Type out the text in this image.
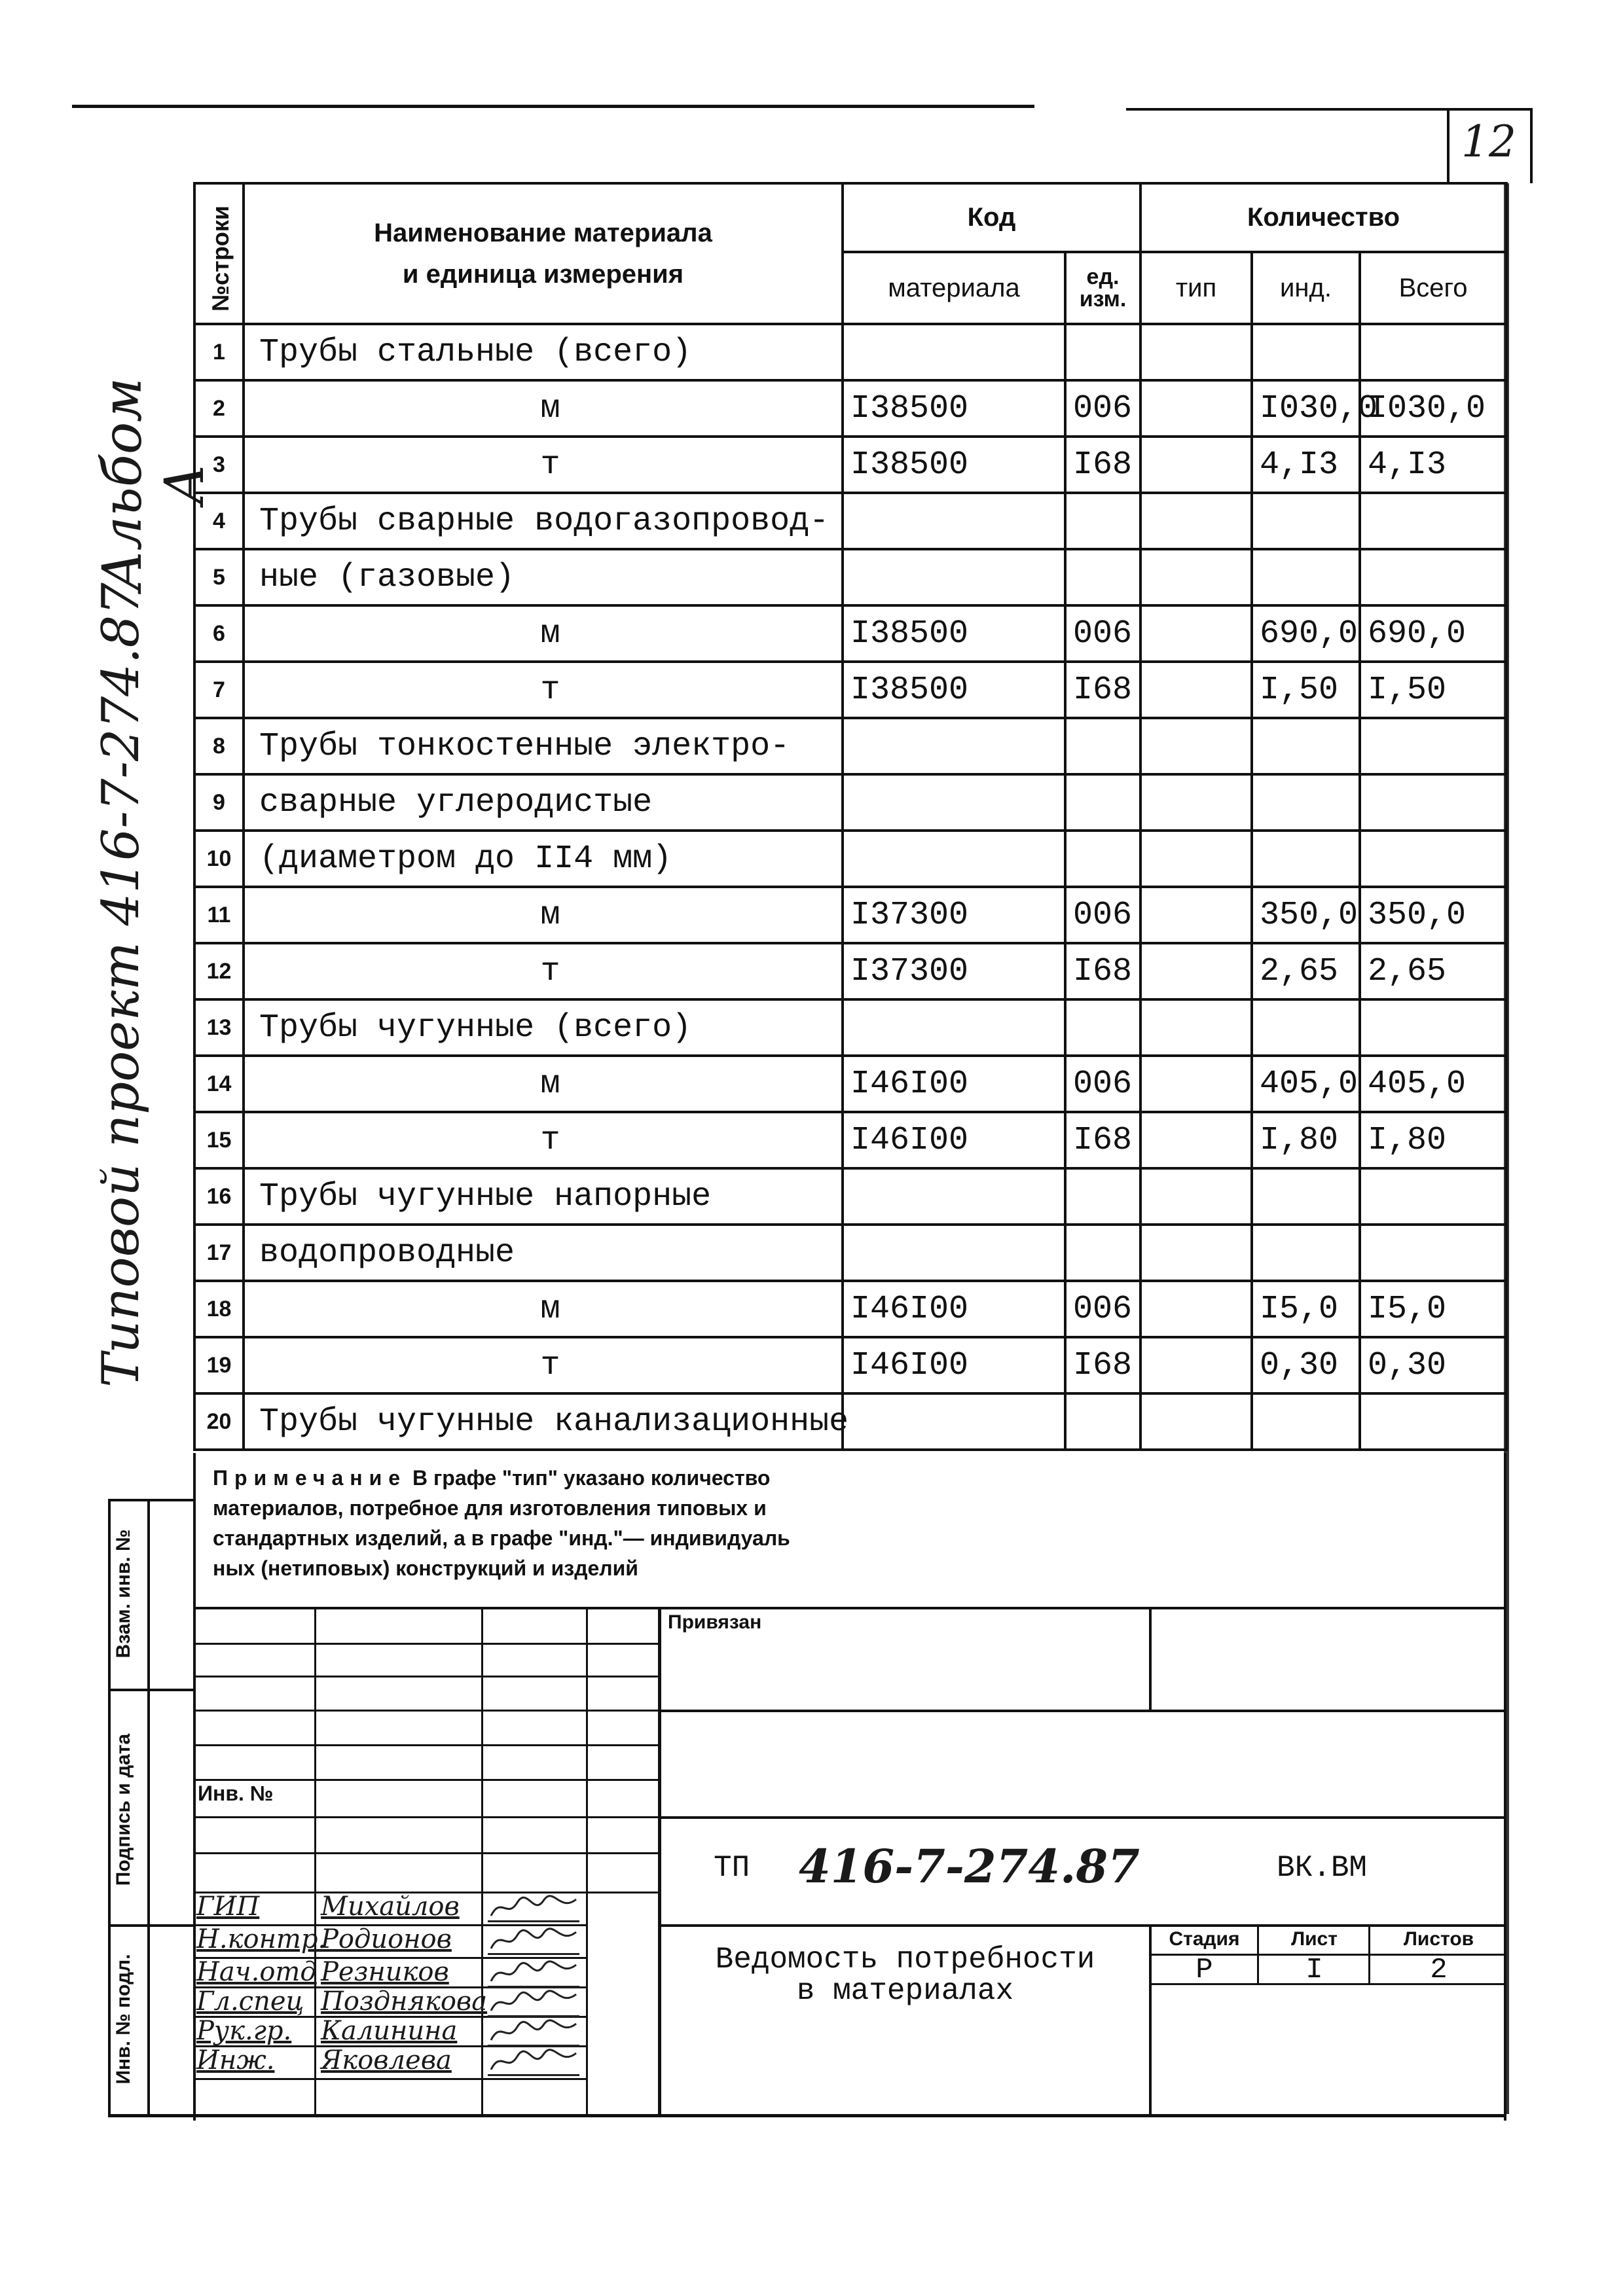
12
Альбом А
Типовой проект 416-7-274.87
№строки	Наименование материала
и единица измерения	Код		Количество		
		материала	ед. изм.	тип	инд.	Всего
1	Трубы стальные (всего)					
2	м	I38500	006		I030,0	I030,0
3	т	I38500	I68		4,I3	4,I3
4	Трубы сварные водогазопровод-					
5	ные (газовые)					
6	м	I38500	006		690,0	690,0
7	т	I38500	I68		I,50	I,50
8	Трубы тонкостенные электро-					
9	сварные углеродистые					
10	(диаметром до II4 мм)					
11	м	I37300	006		350,0	350,0
12	т	I37300	I68		2,65	2,65
13	Трубы чугунные (всего)					
14	м	I46I00	006		405,0	405,0
15	т	I46I00	I68		I,80	I,80
16	Трубы чугунные напорные					
17	водопроводные					
18	м	I46I00	006		I5,0	I5,0
19	т	I46I00	I68		0,30	0,30
20	Трубы чугунные канализационные					
Примечание В графе "тип" указано количество
материалов, потребное для изготовления типовых и
стандартных изделий, а в графе "инд."— индивидуаль
ных (нетиповых) конструкций и изделий
Взам. инв. №
Подпись и дата
Инв. № подл.
Привязан
Инв. №
ТП 416-7-274.87	ВК.ВМ
Ведомость потребности
в материалах
Стадия	Лист	Листов
Р	I	2
ГИП Михайлов
Н.контр.
Родионов
Нач.отд Резников
Гл.спец Позднякова
Рук.гр. Калинина
Инж. Яковлева
